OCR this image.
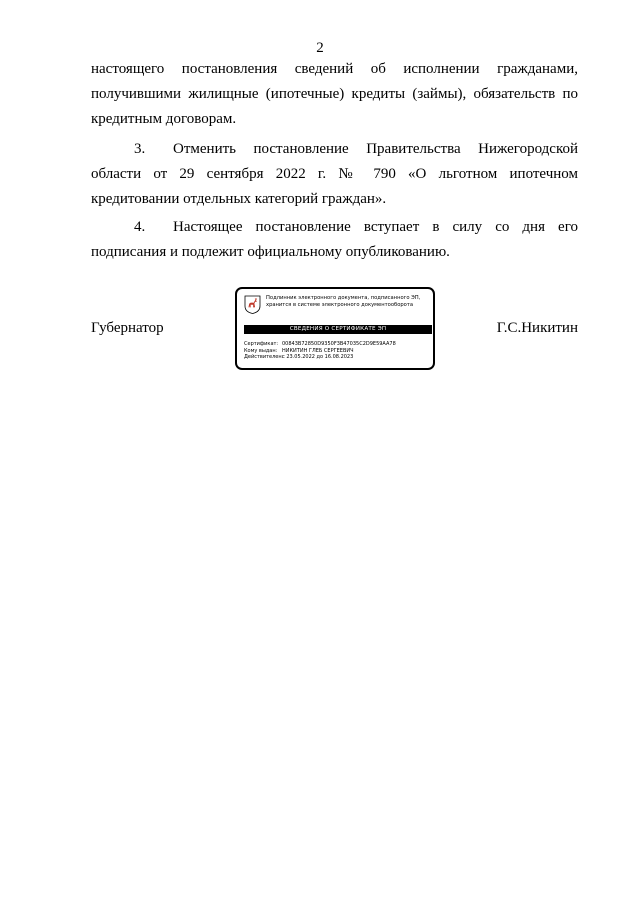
2
настоящего постановления сведений об исполнении гражданами,
получившими жилищные (ипотечные) кредиты (займы), обязательств по
кредитным договорам.
3. Отменить постановление Правительства Нижегородской
области от 29 сентября 2022 г. № 790 «О льготном ипотечном
кредитовании отдельных категорий граждан».
4. Настоящее постановление вступает в силу со дня его
подписания и подлежит официальному опубликованию.
Губернатор	Г.С.Никитин
Подлинник электронного документа, подписанного ЭП,
хранится в системе электронного документооборота
СВЕДЕНИЯ О СЕРТИФИКАТЕ ЭП
Сертификат: 00843B72850D9350F3B47035C2D9E59AA78
Кому выдан: НИКИТИН ГЛЕБ СЕРГЕЕВИЧ
Действителен:с 23.05.2022 до 16.08.2023
